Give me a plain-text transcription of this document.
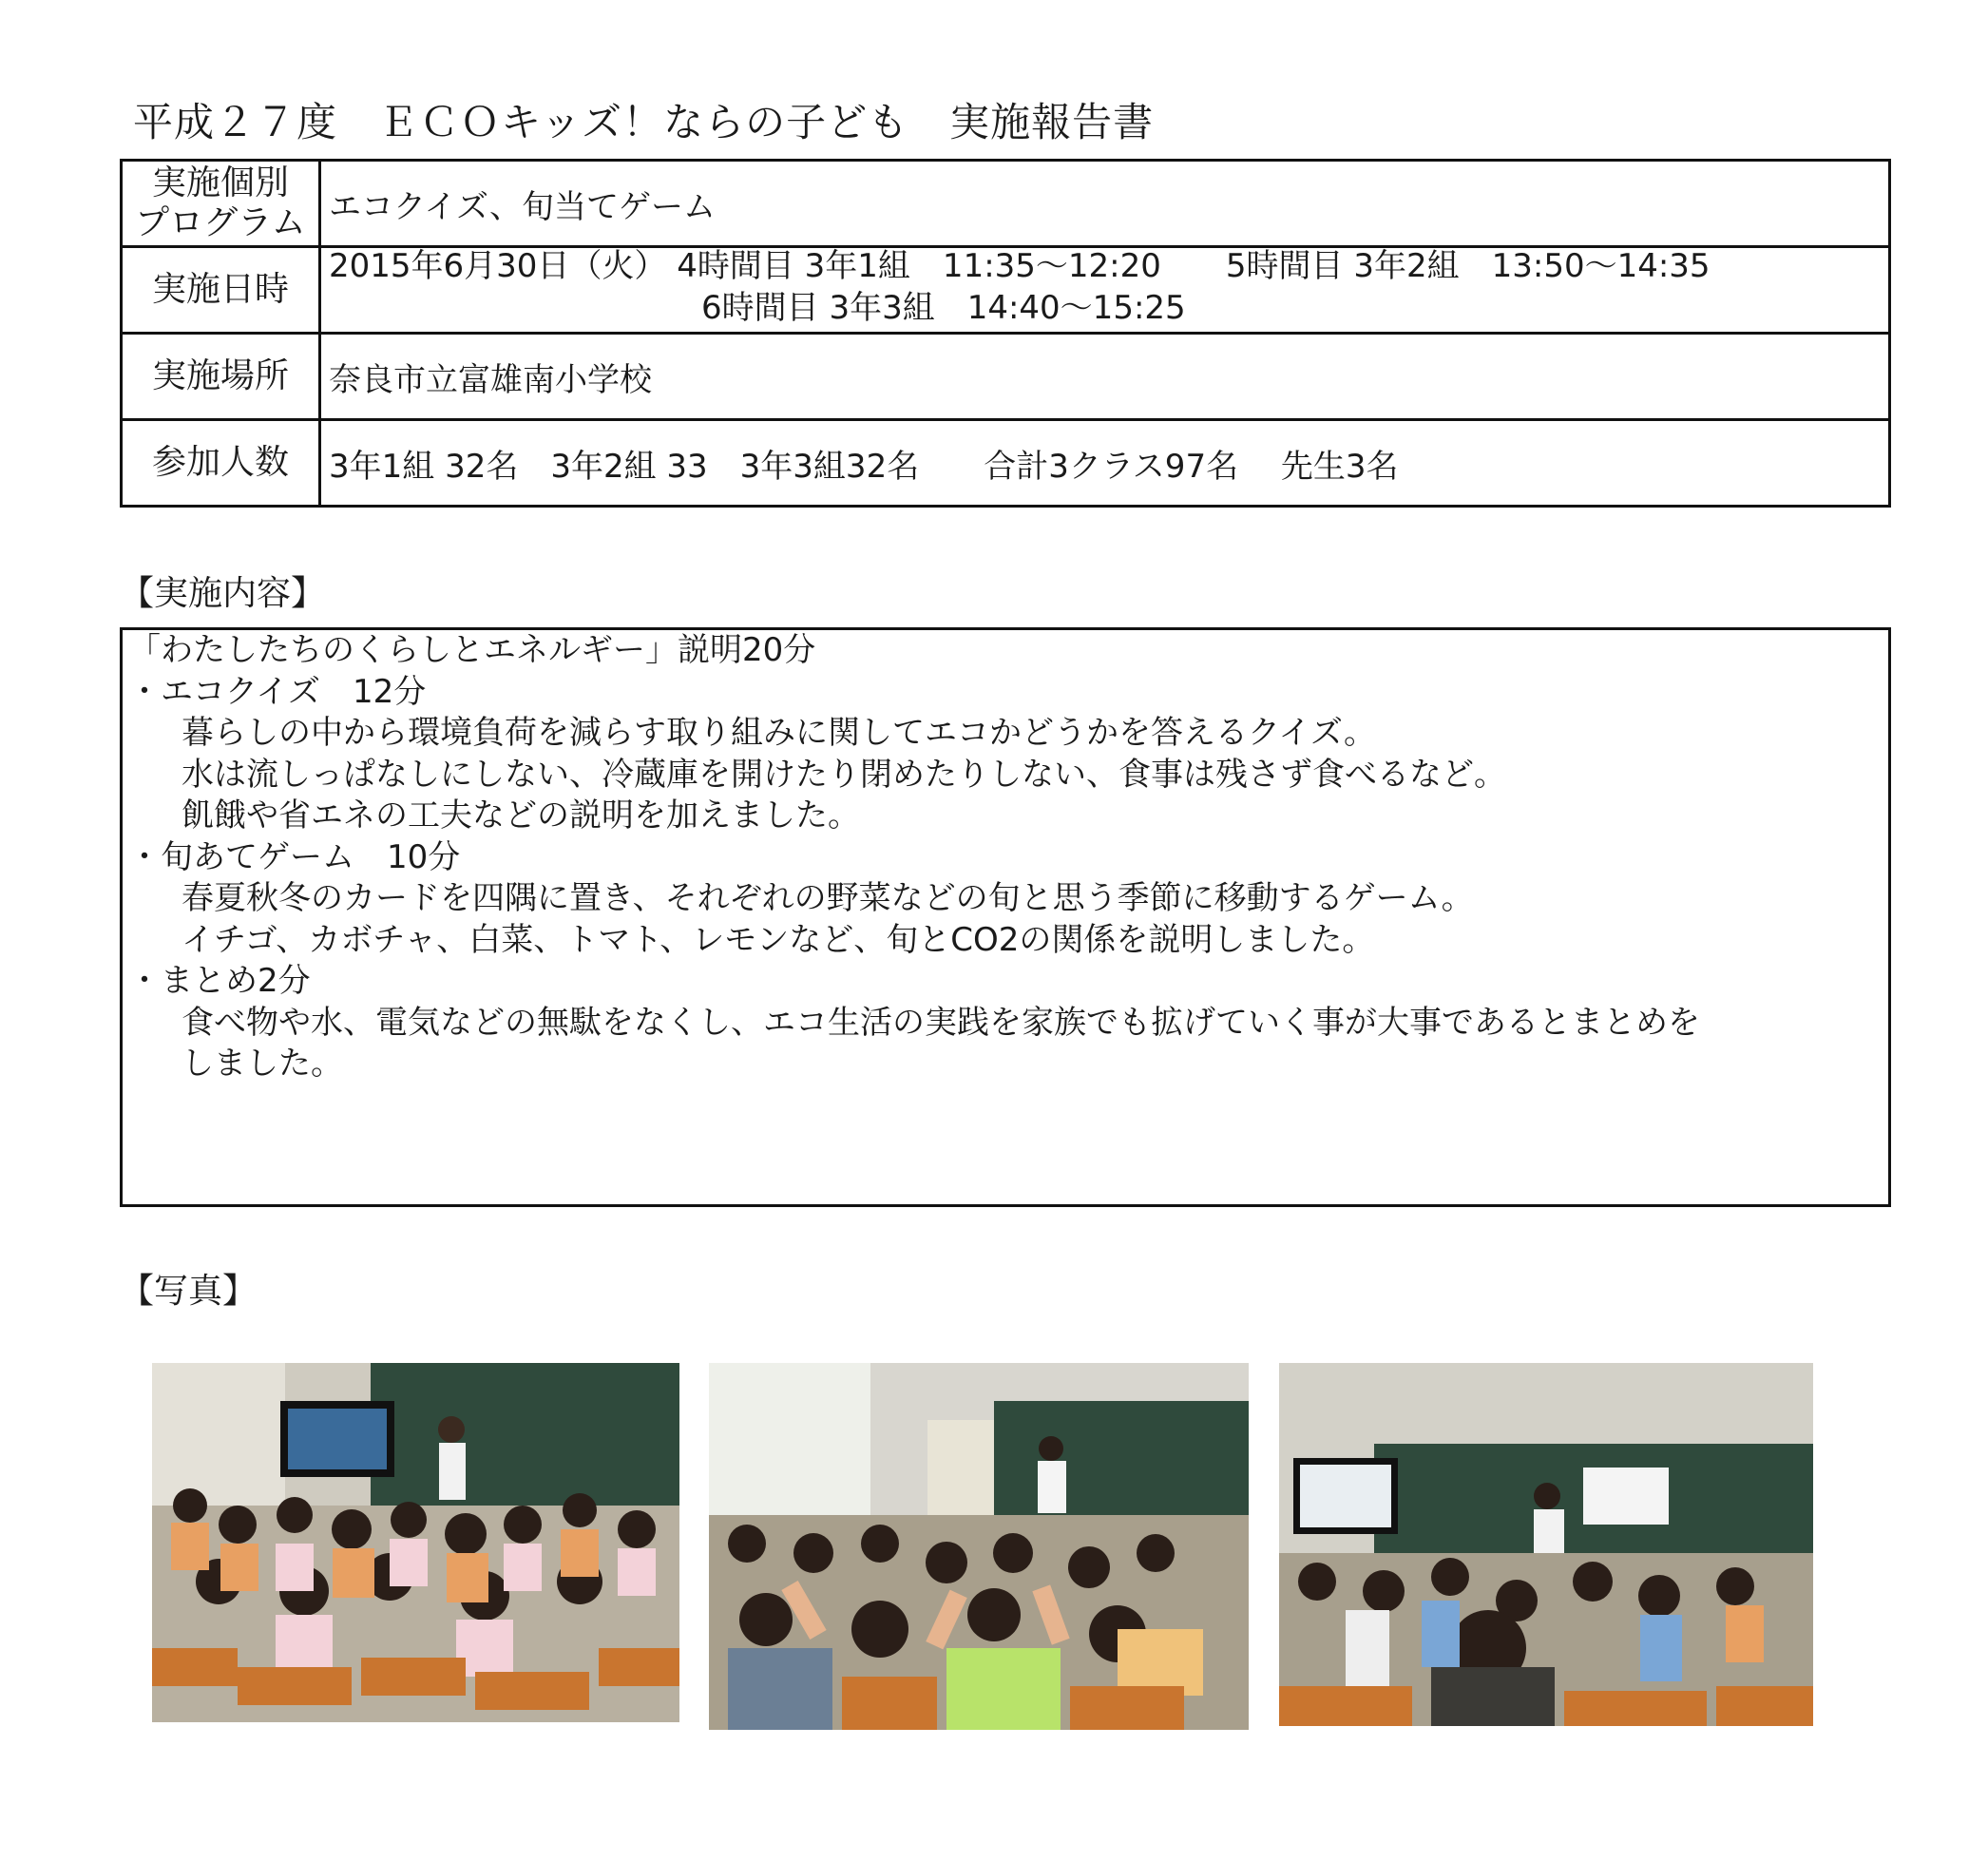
平成２７度　ＥＣＯキッズ！ならの子ども　実施報告書
実施個別
プログラム	エコクイズ、旬当てゲーム
実施日時	2015年6月30日（火） 4時間目 3年1組　11:35～12:20　　5時間目 3年2組　13:50～14:35
6時間目 3年3組　14:40～15:25

実施場所	奈良市立富雄南小学校
参加人数	3年1組 32名　3年2組 33　3年3組32名　　合計3クラス97名　 先生3名
【実施内容】
「わたしたちのくらしとエネルギー」説明20分
・エコクイズ　12分
暮らしの中から環境負荷を減らす取り組みに関してエコかどうかを答えるクイズ。
水は流しっぱなしにしない、冷蔵庫を開けたり閉めたりしない、食事は残さず食べるなど。
飢餓や省エネの工夫などの説明を加えました。
・旬あてゲーム　10分
春夏秋冬のカードを四隅に置き、それぞれの野菜などの旬と思う季節に移動するゲーム。
イチゴ、カボチャ、白菜、トマト、レモンなど、旬とCO2の関係を説明しました。
・まとめ2分
食べ物や水、電気などの無駄をなくし、エコ生活の実践を家族でも拡げていく事が大事であるとまとめを
しました。
【写真】
